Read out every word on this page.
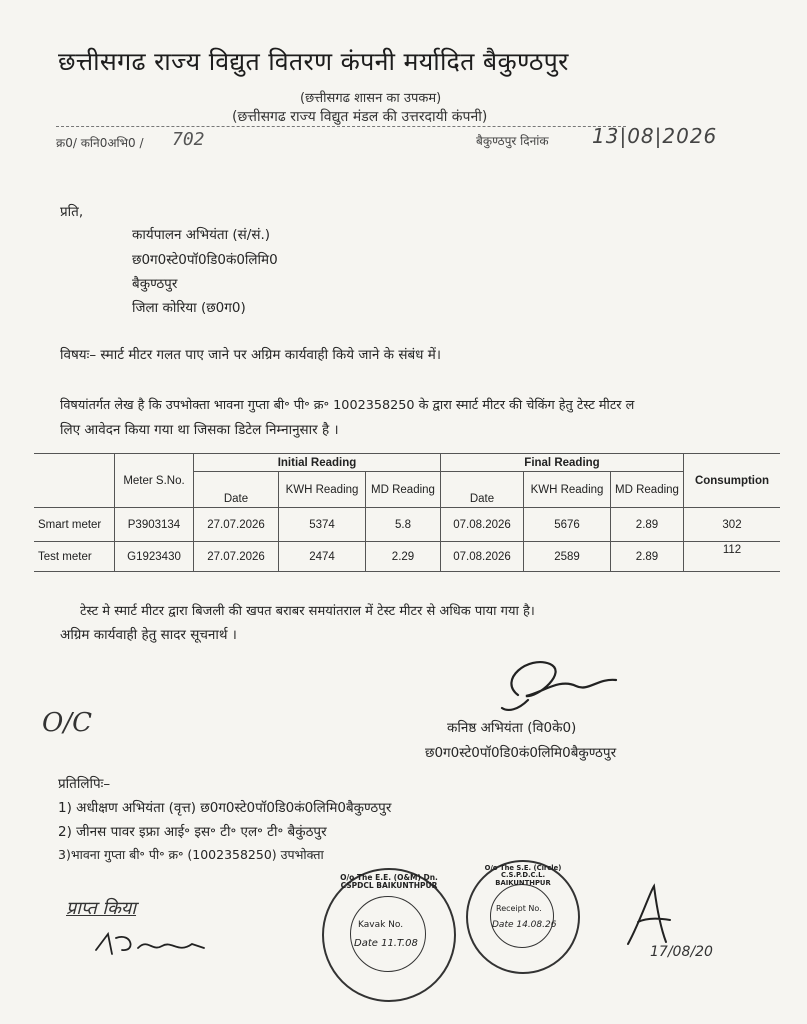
छत्तीसगढ राज्य विद्युत वितरण कंपनी मर्यादित बैकुण्ठपुर
(छत्तीसगढ शासन का उपकम)
(छत्तीसगढ राज्य विद्युत मंडल की उत्तरदायी कंपनी)
क्र0/ कनि0अभि0 / 702	बैकुण्ठपुर दिनांक 13|08|2026
प्रति,
कार्यपालन अभियंता (सं/सं.)
छ0ग0स्टे0पॉ0डि0कं0लिमि0
बैकुण्ठपुर
जिला कोरिया (छ0ग0)
विषयः– स्मार्ट मीटर गलत पाए जाने पर अग्रिम कार्यवाही किये जाने के संबंध में।
विषयांतर्गत लेख है कि उपभोक्ता भावना गुप्ता बी॰ पी॰ क्र॰ 1002358250 के द्वारा स्मार्ट मीटर की चेकिंग हेतु टेस्ट मीटर ल
लिए आवेदन किया गया था जिसका डिटेल निम्नानुसार है ।
	Meter S.No.	Initial Reading			Final Reading			Consumption
		Date	KWH Reading	MD Reading	Date	KWH Reading	MD Reading	
Smart meter	P3903134	27.07.2026	5374	5.8	07.08.2026	5676	2.89	302
Test meter	G1923430	27.07.2026	2474	2.29	07.08.2026	2589	2.89	112
टेस्ट मे स्मार्ट मीटर द्वारा बिजली की खपत बराबर समयांतराल में टेस्ट मीटर से अधिक पाया गया है।
अग्रिम कार्यवाही हेतु सादर सूचनार्थ ।
कनिष्ठ अभियंता (वि0के0)
छ0ग0स्टे0पॉ0डि0कं0लिमि0बैकुण्ठपुर
O/C
प्रतिलिपिः–
1) अधीक्षण अभियंता (वृत्त) छ0ग0स्टे0पॉ0डि0कं0लिमि0बैकुण्ठपुर
2) जीनस पावर इफ्रा आई॰ इस॰ टी॰ एल॰ टी॰ बैकुंठपुर
3)भावना गुप्ता बी॰ पी॰ क्र॰ (1002358250) उपभोक्ता
प्राप्त किया
O/o The E.E. (O&M) Dn. CSPDCL BAIKUNTHPUR
Kavak No.
Date 11.T.08
O/o The S.E. (Circle) C.S.P.D.C.L. BAIKUNTHPUR
Receipt No.
Date 14.08.26
17/08/20
